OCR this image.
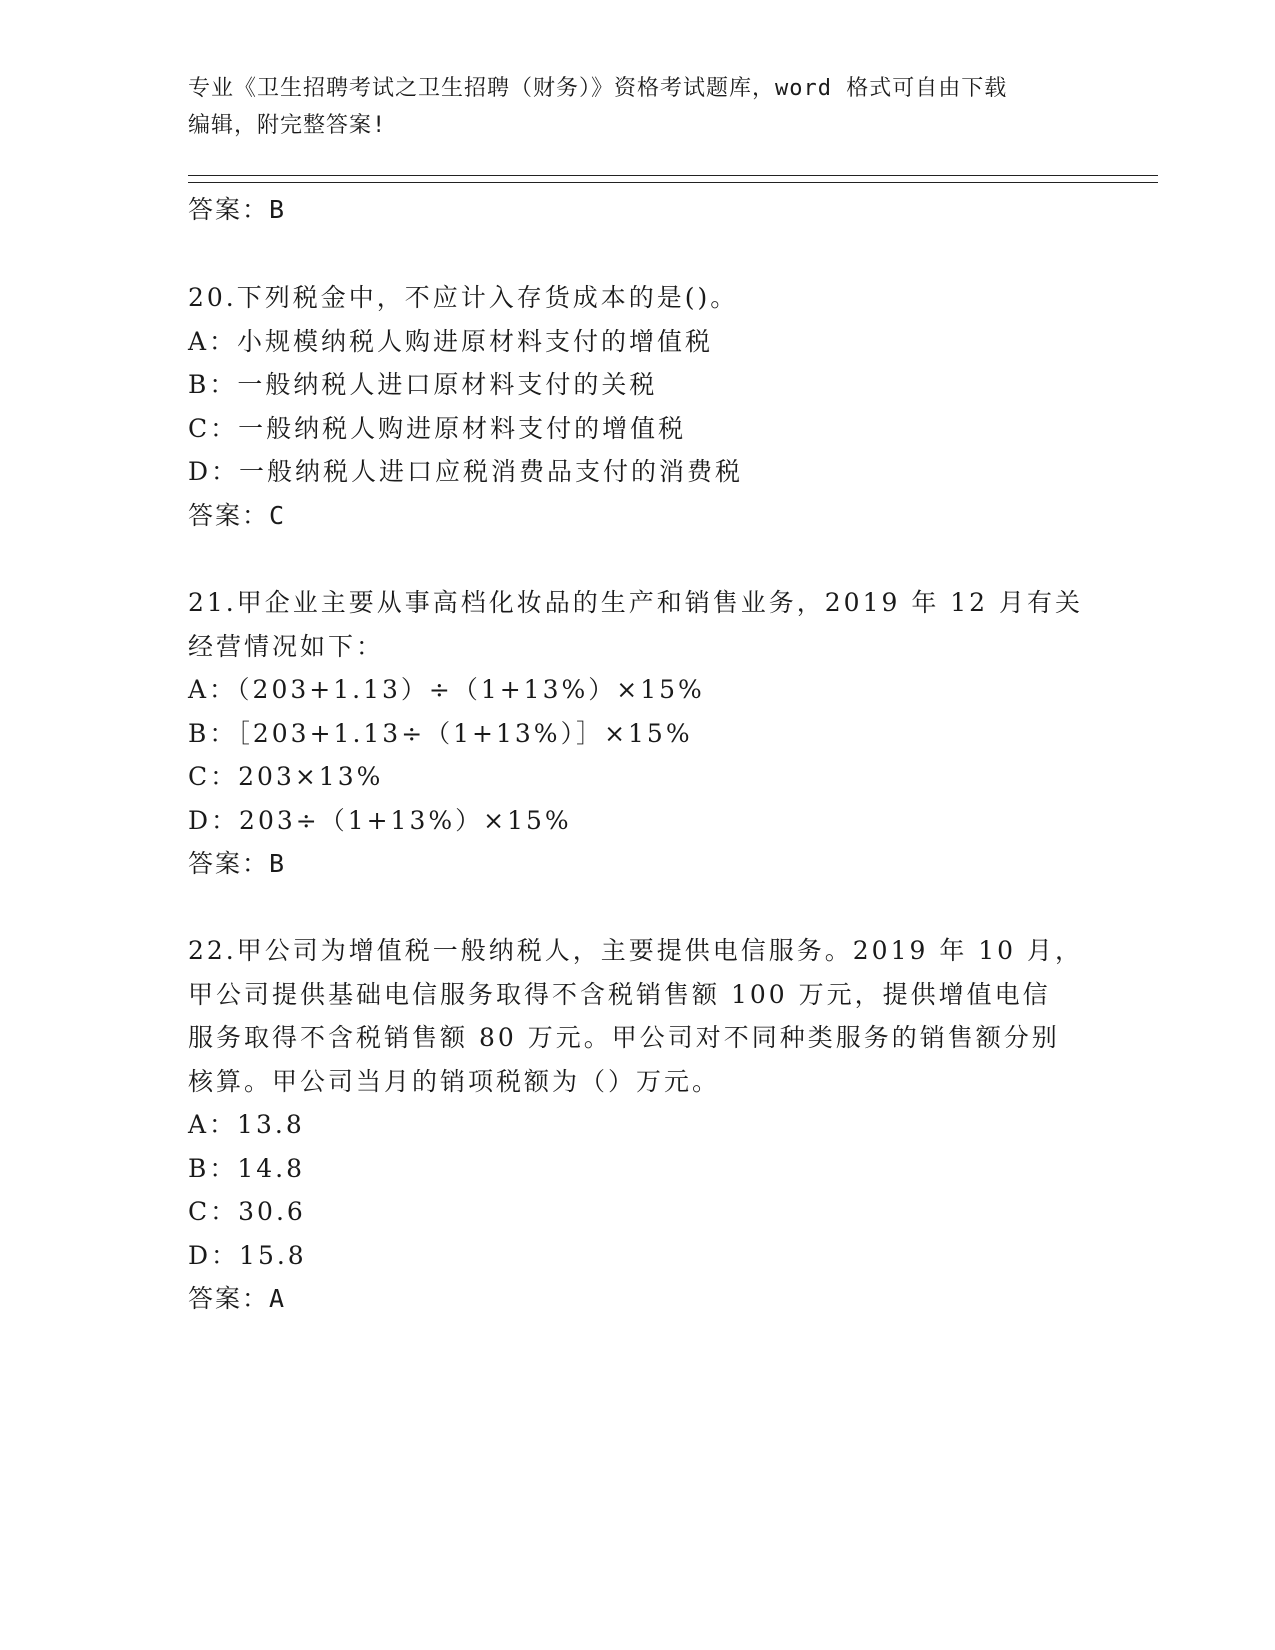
专业《卫生招聘考试之卫生招聘（财务）》资格考试题库，word 格式可自由下载
编辑，附完整答案!
答案：B
20.下列税金中，不应计入存货成本的是()。
A：小规模纳税人购进原材料支付的增值税
B：一般纳税人进口原材料支付的关税
C：一般纳税人购进原材料支付的增值税
D：一般纳税人进口应税消费品支付的消费税
答案：C
21.甲企业主要从事高档化妆品的生产和销售业务，2019 年 12 月有关
经营情况如下：
A：（203+1.13）÷（1+13%）×15%
B：［203+1.13÷（1+13%）］×15%
C：203×13%
D：203÷（1+13%）×15%
答案：B
22.甲公司为增值税一般纳税人，主要提供电信服务。2019 年 10 月，
甲公司提供基础电信服务取得不含税销售额 100 万元，提供增值电信
服务取得不含税销售额 80 万元。甲公司对不同种类服务的销售额分别
核算。甲公司当月的销项税额为（）万元。
A：13.8
B：14.8
C：30.6
D：15.8
答案：A
